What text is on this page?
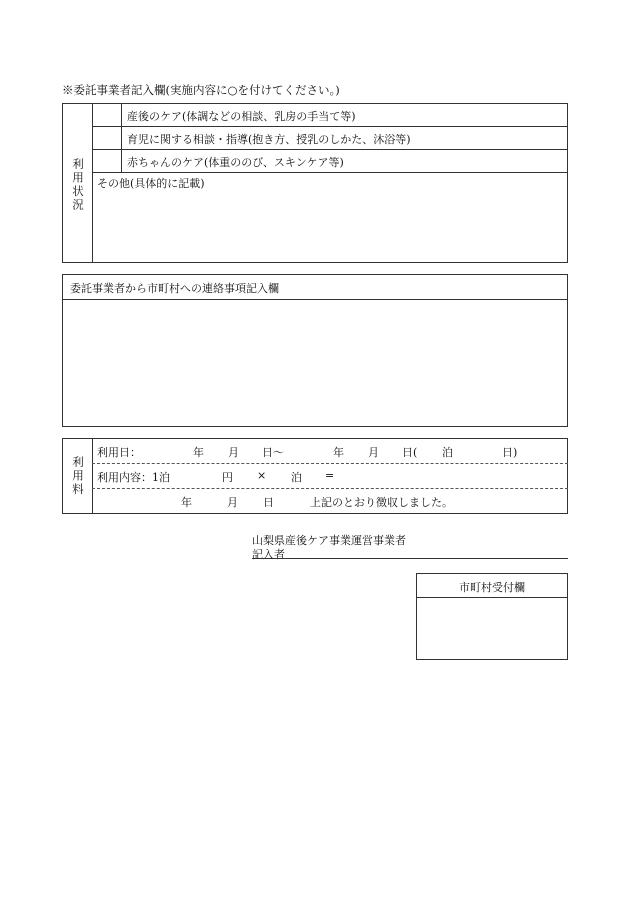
※委託事業者記入欄(実施内容に○を付けてください。)
利用状況
産後のケア(体調などの相談、乳房の手当て等)
育児に関する相談・指導(抱き方、授乳のしかた、沐浴等)
赤ちゃんのケア(体重ののび、スキンケア等)
その他(具体的に記載)
委託事業者から市町村への連絡事項記入欄
利用料
利用日：	年 月 日〜	年 月 日( 泊	日)
利用内容：1泊	円 × 泊 =
年	月 日	上記のとおり徴収しました。
山梨県産後ケア事業運営事業者
記入者
市町村受付欄
